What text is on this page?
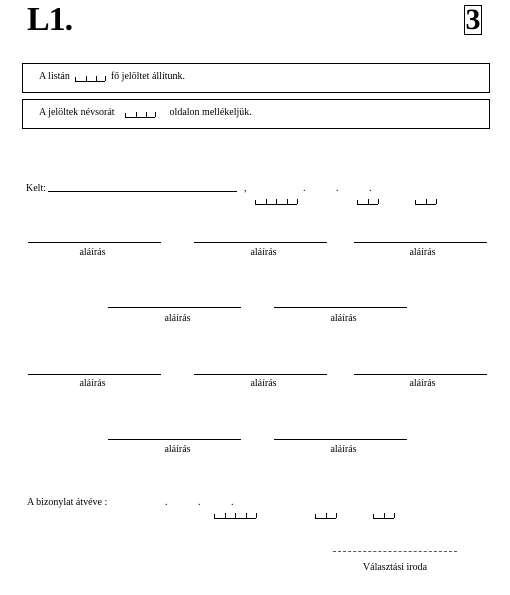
L1.	3
A listán	fő jelöltet állítunk.
A jelöltek névsorát	oldalon mellékeljük.
Kelt:	,
	.
	.
	.
aláírás	aláírás	aláírás
aláírás	aláírás
aláírás	aláírás	aláírás
aláírás	aláírás
A bizonylat átvéve :
	.
	.	.
Választási iroda
